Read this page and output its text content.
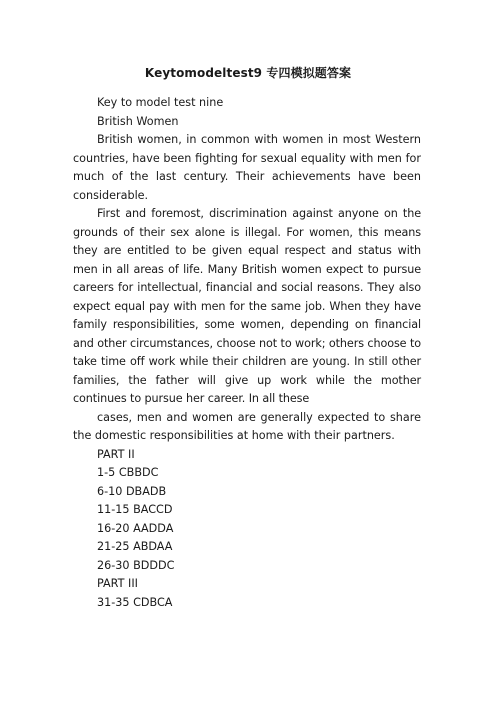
Keytomodeltest9 专四模拟题答案

Key to model test nine

British Women

British women, in common with women in most Western countries, have been fighting for sexual equality with men for much of the last century. Their achievements have been considerable.

First and foremost, discrimination against anyone on the grounds of their sex alone is illegal. For women, this means they are entitled to be given equal respect and status with men in all areas of life. Many British women expect to pursue careers for intellectual, financial and social reasons. They also expect equal pay with men for the same job. When they have family responsibilities, some women, depending on financial and other circumstances, choose not to work; others choose to take time off work while their children are young. In still other families, the father will give up work while the mother continues to pursue her career. In all these

cases, men and women are generally expected to share the domestic responsibilities at home with their partners.

PART II

1-5 CBBDC

6-10 DBADB

11-15 BACCD

16-20 AADDA

21-25 ABDAA

26-30 BDDDC

PART III

31-35 CDBCA
